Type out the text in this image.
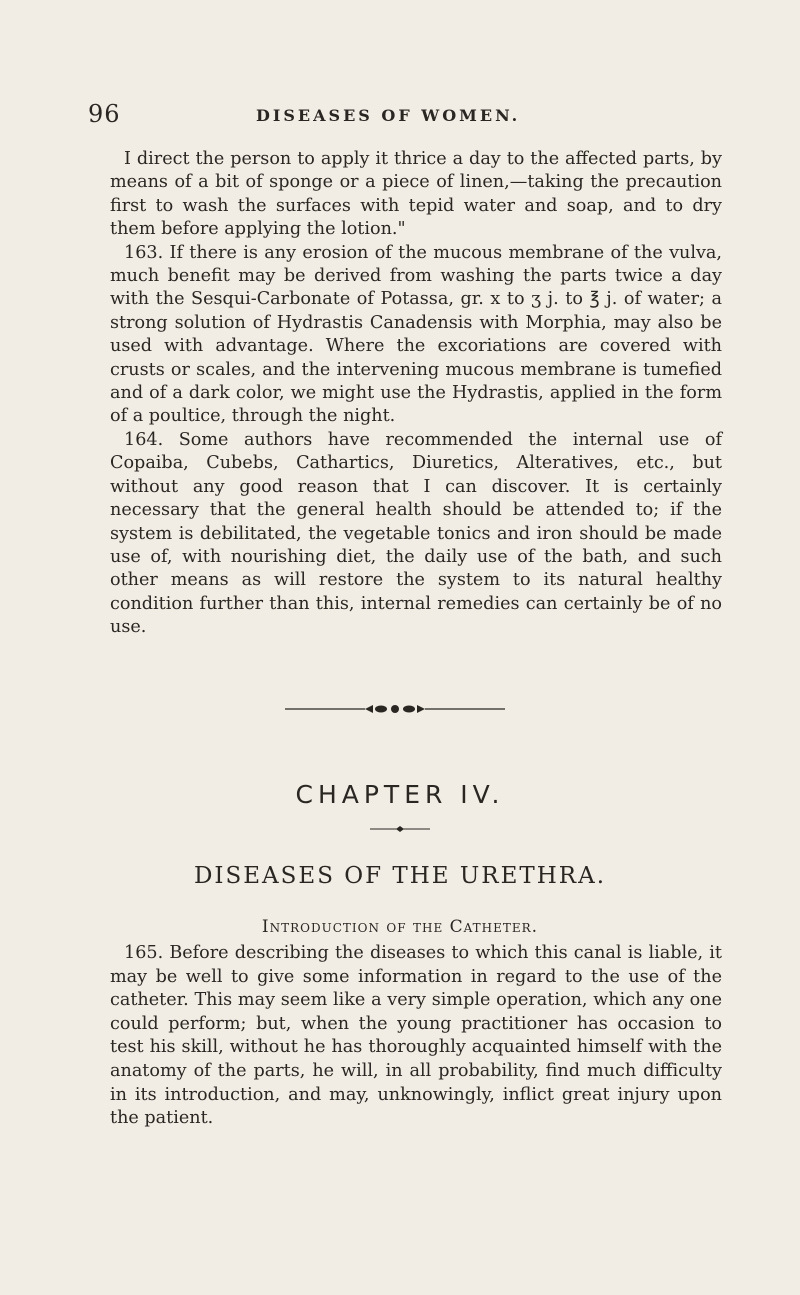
96	DISEASES OF WOMEN.

I direct the person to apply it thrice a day to the affected parts, by means of a bit of sponge or a piece of linen,—taking the precaution first to wash the surfaces with tepid water and soap, and to dry them before applying the lotion."

163. If there is any erosion of the mucous membrane of the vulva, much benefit may be derived from washing the parts twice a day with the Sesqui-Carbonate of Potassa, gr. x to ʒ j. to ℥ j. of water; a strong solution of Hydrastis Canadensis with Morphia, may also be used with advantage. Where the excoriations are covered with crusts or scales, and the intervening mucous membrane is tumefied and of a dark color, we might use the Hydrastis, applied in the form of a poultice, through the night.

164. Some authors have recommended the internal use of Copaiba, Cubebs, Cathartics, Diuretics, Alteratives, etc., but without any good reason that I can discover. It is certainly necessary that the general health should be attended to; if the system is debilitated, the vegetable tonics and iron should be made use of, with nourishing diet, the daily use of the bath, and such other means as will restore the system to its natural healthy condition further than this, internal remedies can certainly be of no use.

CHAPTER IV.
DISEASES OF THE URETHRA.
Introduction of the Catheter.

165. Before describing the diseases to which this canal is liable, it may be well to give some information in regard to the use of the catheter. This may seem like a very simple operation, which any one could perform; but, when the young practitioner has occasion to test his skill, without he has thoroughly acquainted himself with the anatomy of the parts, he will, in all probability, find much difficulty in its introduction, and may, unknowingly, inflict great injury upon the patient.
